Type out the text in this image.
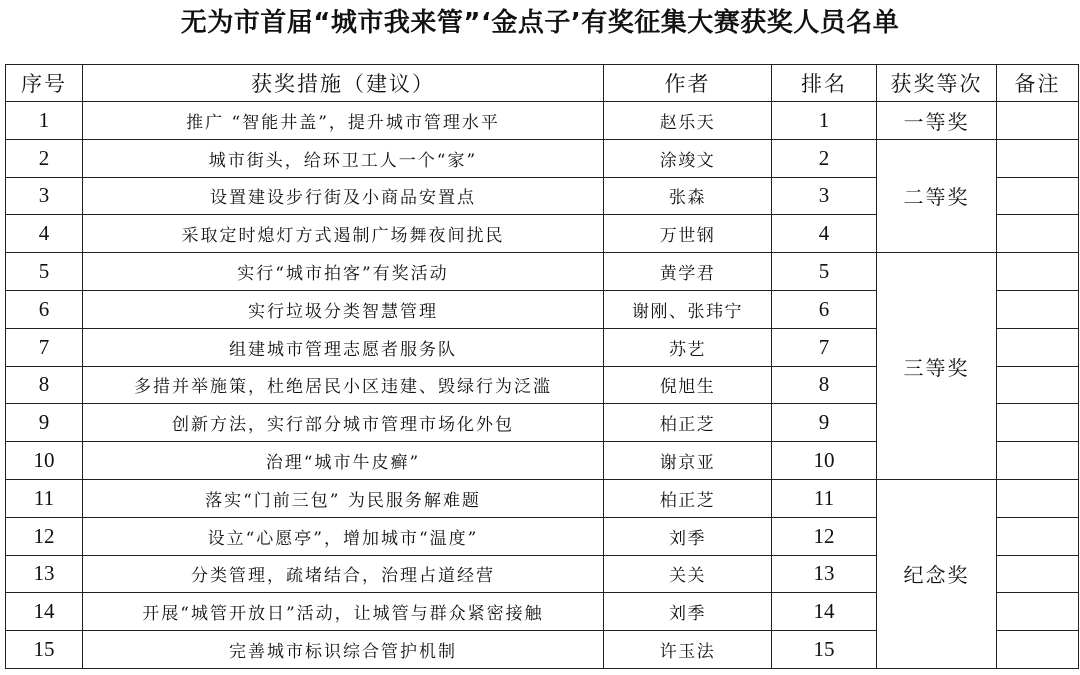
无为市首届“城市我来管”‘金点子’有奖征集大赛获奖人员名单
序号	获奖措施（建议）	作者	排名	获奖等次	备注
1	推广 “智能井盖”，提升城市管理水平	赵乐天	1	一等奖	
2	城市街头，给环卫工人一个“家”	涂竣文	2	二等奖	
3	设置建设步行街及小商品安置点	张森	3		
4	采取定时熄灯方式遏制广场舞夜间扰民	万世钢	4		
5	实行“城市拍客”有奖活动	黄学君	5	三等奖	
6	实行垃圾分类智慧管理	谢刚、张玮宁	6		
7	组建城市管理志愿者服务队	苏艺	7		
8	多措并举施策，杜绝居民小区违建、毁绿行为泛滥	倪旭生	8		
9	创新方法，实行部分城市管理市场化外包	柏正芝	9		
10	治理“城市牛皮癣”	谢京亚	10		
11	落实“门前三包” 为民服务解难题	柏正芝	11	纪念奖	
12	设立“心愿亭”，增加城市“温度”	刘季	12		
13	分类管理，疏堵结合，治理占道经营	关关	13		
14	开展“城管开放日”活动，让城管与群众紧密接触	刘季	14		
15	完善城市标识综合管护机制	许玉法	15		
